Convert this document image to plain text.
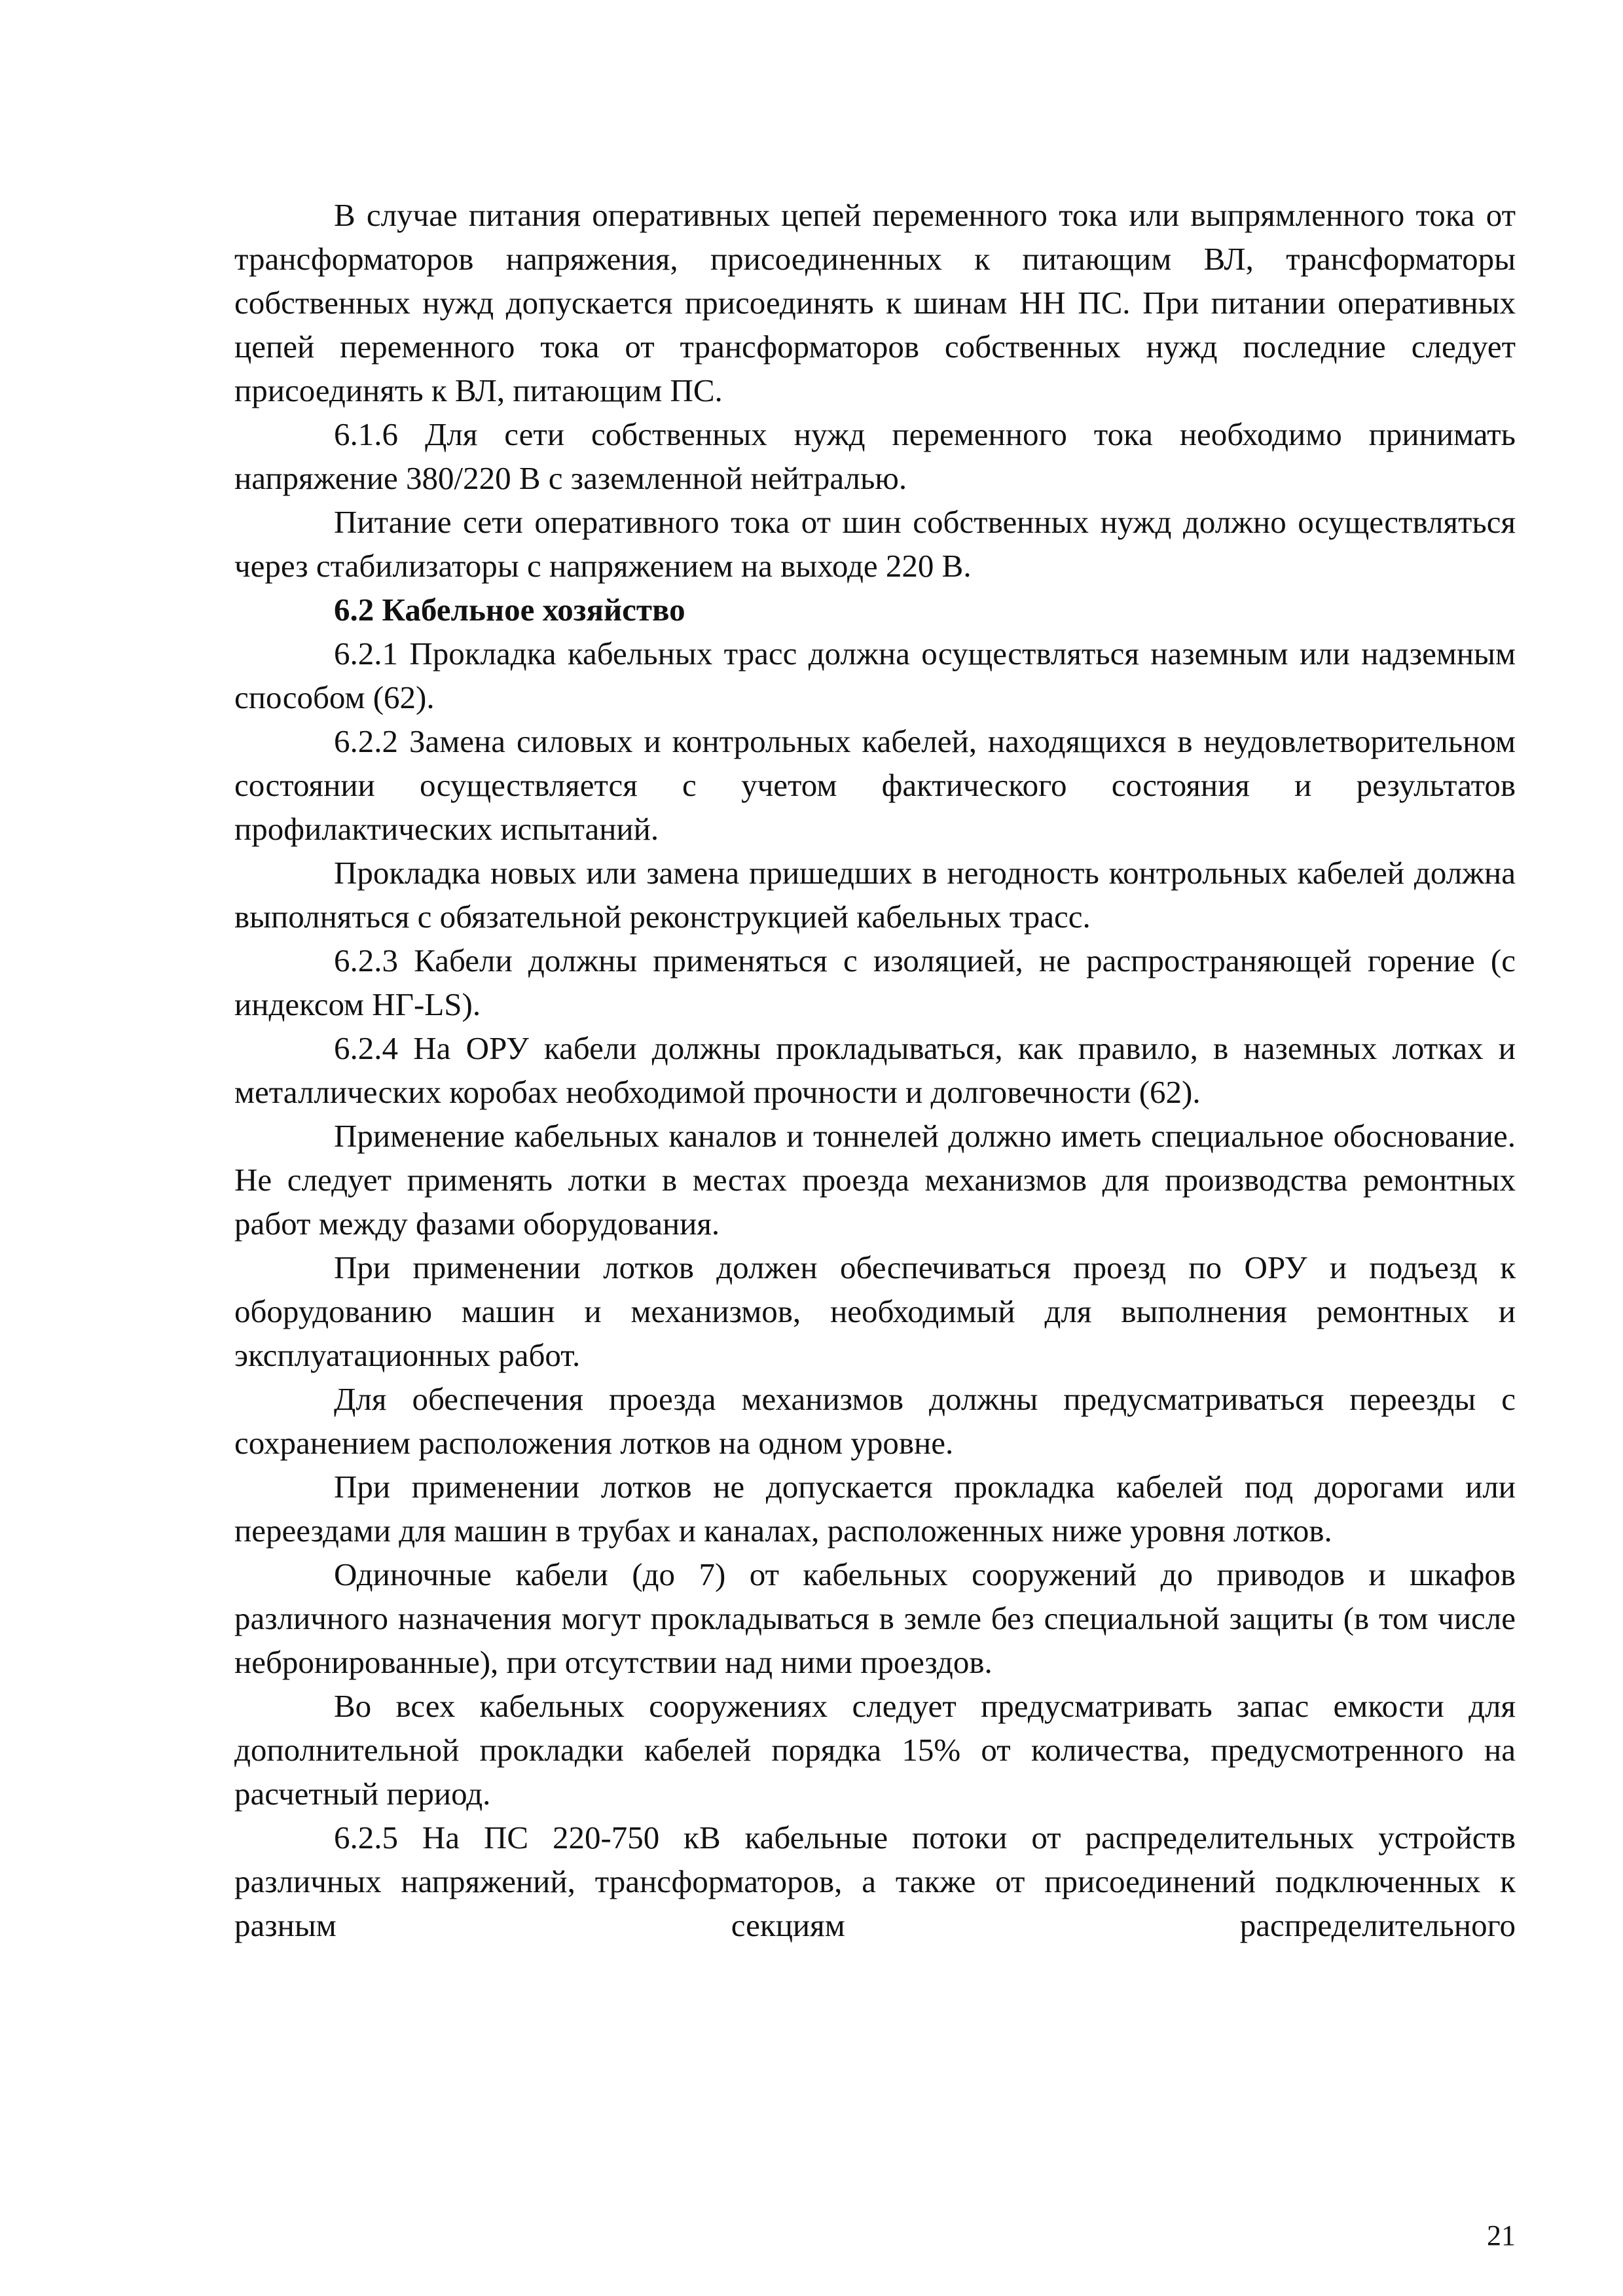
В случае питания оперативных цепей переменного тока или выпрямленного тока от трансформаторов напряжения, присоединенных к питающим ВЛ, трансформаторы собственных нужд допускается присоединять к шинам НН ПС. При питании оперативных цепей переменного тока от трансформаторов собственных нужд последние следует присоединять к ВЛ, питающим ПС.

6.1.6 Для сети собственных нужд переменного тока необходимо принимать напряжение 380/220 В с заземленной нейтралью.

Питание сети оперативного тока от шин собственных нужд должно осуществляться через стабилизаторы с напряжением на выходе 220 В.

6.2 Кабельное хозяйство

6.2.1 Прокладка кабельных трасс должна осуществляться наземным или надземным способом (62).

6.2.2 Замена силовых и контрольных кабелей, находящихся в неудовлетворительном состоянии осуществляется с учетом фактического состояния и результатов профилактических испытаний.

Прокладка новых или замена пришедших в негодность контрольных кабелей должна выполняться с обязательной реконструкцией кабельных трасс.

6.2.3 Кабели должны применяться с изоляцией, не распространяющей горение (с индексом НГ-LS).

6.2.4 На ОРУ кабели должны прокладываться, как правило, в наземных лотках и металлических коробах необходимой прочности и долговечности (62).

Применение кабельных каналов и тоннелей должно иметь специальное обоснование. Не следует применять лотки в местах проезда механизмов для производства ремонтных работ между фазами оборудования.

При применении лотков должен обеспечиваться проезд по ОРУ и подъезд к оборудованию машин и механизмов, необходимый для выполнения ремонтных и эксплуатационных работ.

Для обеспечения проезда механизмов должны предусматриваться переезды с сохранением расположения лотков на одном уровне.

При применении лотков не допускается прокладка кабелей под дорогами или переездами для машин в трубах и каналах, расположенных ниже уровня лотков.

Одиночные кабели (до 7) от кабельных сооружений до приводов и шкафов различного назначения могут прокладываться в земле без специальной защиты (в том числе небронированные), при отсутствии над ними проездов.

Во всех кабельных сооружениях следует предусматривать запас емкости для дополнительной прокладки кабелей порядка 15% от количества, предусмотренного на расчетный период.

6.2.5 На ПС 220-750 кВ кабельные потоки от распределительных устройств различных напряжений, трансформаторов, а также от присоединений подключенных к разным секциям распределительного

21
